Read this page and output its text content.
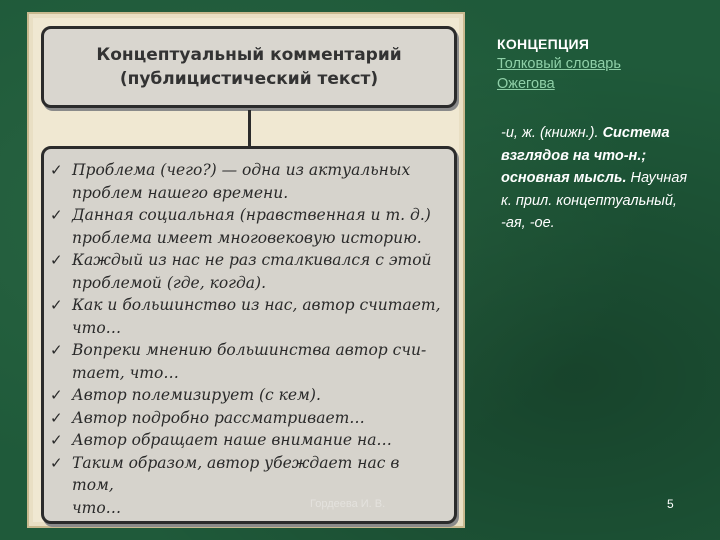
Концептуальный комментарий
(публицистический текст)
✓ Проблема (чего?) — одна из актуальных
проблем нашего времени.
✓ Данная социальная (нравственная и т. д.)
проблема имеет многовековую историю.
✓ Каждый из нас не раз сталкивался с этой
проблемой (где, когда).
✓ Как и большинство из нас, автор считает,
что…
✓ Вопреки мнению большинства автор счи-
тает, что…
✓ Автор полемизирует (с кем).
✓ Автор подробно рассматривает…
✓ Автор обращает наше внимание на…
✓ Таким образом, автор убеждает нас в том,
что…
КОНЦЕПЦИЯ
Толковый словарь
Ожегова
-и, ж. (книжн.). Система взглядов на что-н.; основная мысль. Научная к. прил. концептуальный, -ая, -ое.
Гордеева И. В.	5
